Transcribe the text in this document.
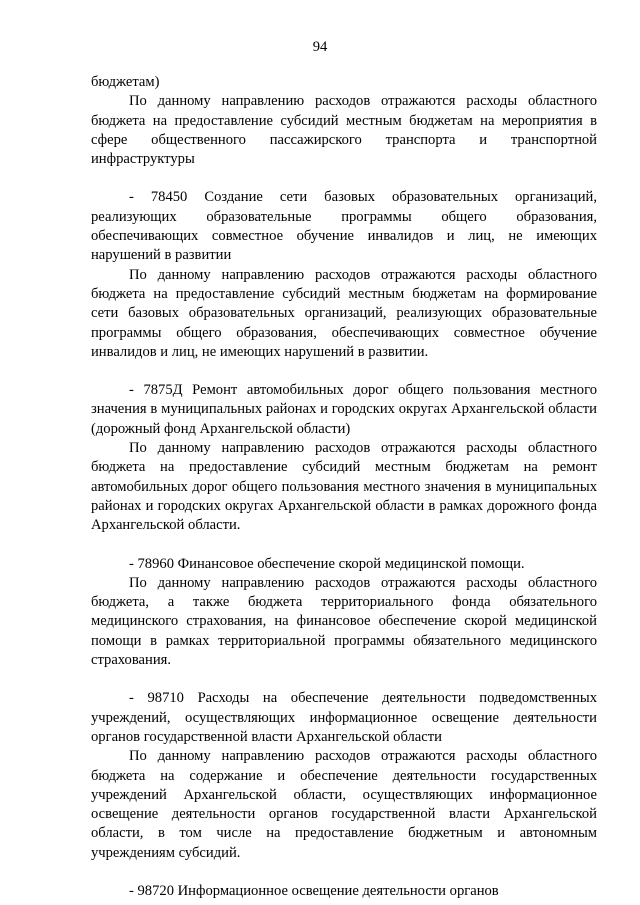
94

бюджетам)

По данному направлению расходов отражаются расходы областного бюджета на предоставление субсидий местным бюджетам на мероприятия в сфере общественного пассажирского транспорта и транспортной инфраструктуры

- 78450 Создание сети базовых образовательных организаций, реализующих образовательные программы общего образования, обеспечивающих совместное обучение инвалидов и лиц, не имеющих нарушений в развитии

По данному направлению расходов отражаются расходы областного бюджета на предоставление субсидий местным бюджетам на формирование сети базовых образовательных организаций, реализующих образовательные программы общего образования, обеспечивающих совместное обучение инвалидов и лиц, не имеющих нарушений в развитии.

- 7875Д Ремонт автомобильных дорог общего пользования местного значения в муниципальных районах и городских округах Архангельской области (дорожный фонд Архангельской области)

По данному направлению расходов отражаются расходы областного бюджета на предоставление субсидий местным бюджетам на ремонт автомобильных дорог общего пользования местного значения в муниципальных районах и городских округах Архангельской области в рамках дорожного фонда Архангельской области.

- 78960 Финансовое обеспечение скорой медицинской помощи.

По данному направлению расходов отражаются расходы областного бюджета, а также бюджета территориального фонда обязательного медицинского страхования, на финансовое обеспечение скорой медицинской помощи в рамках территориальной программы обязательного медицинского страхования.

- 98710 Расходы на обеспечение деятельности подведомственных учреждений, осуществляющих информационное освещение деятельности органов государственной власти Архангельской области

По данному направлению расходов отражаются расходы областного бюджета на содержание и обеспечение деятельности государственных учреждений Архангельской области, осуществляющих информационное освещение деятельности органов государственной власти Архангельской области, в том числе на предоставление бюджетным и автономным учреждениям субсидий.

- 98720 Информационное освещение деятельности органов
